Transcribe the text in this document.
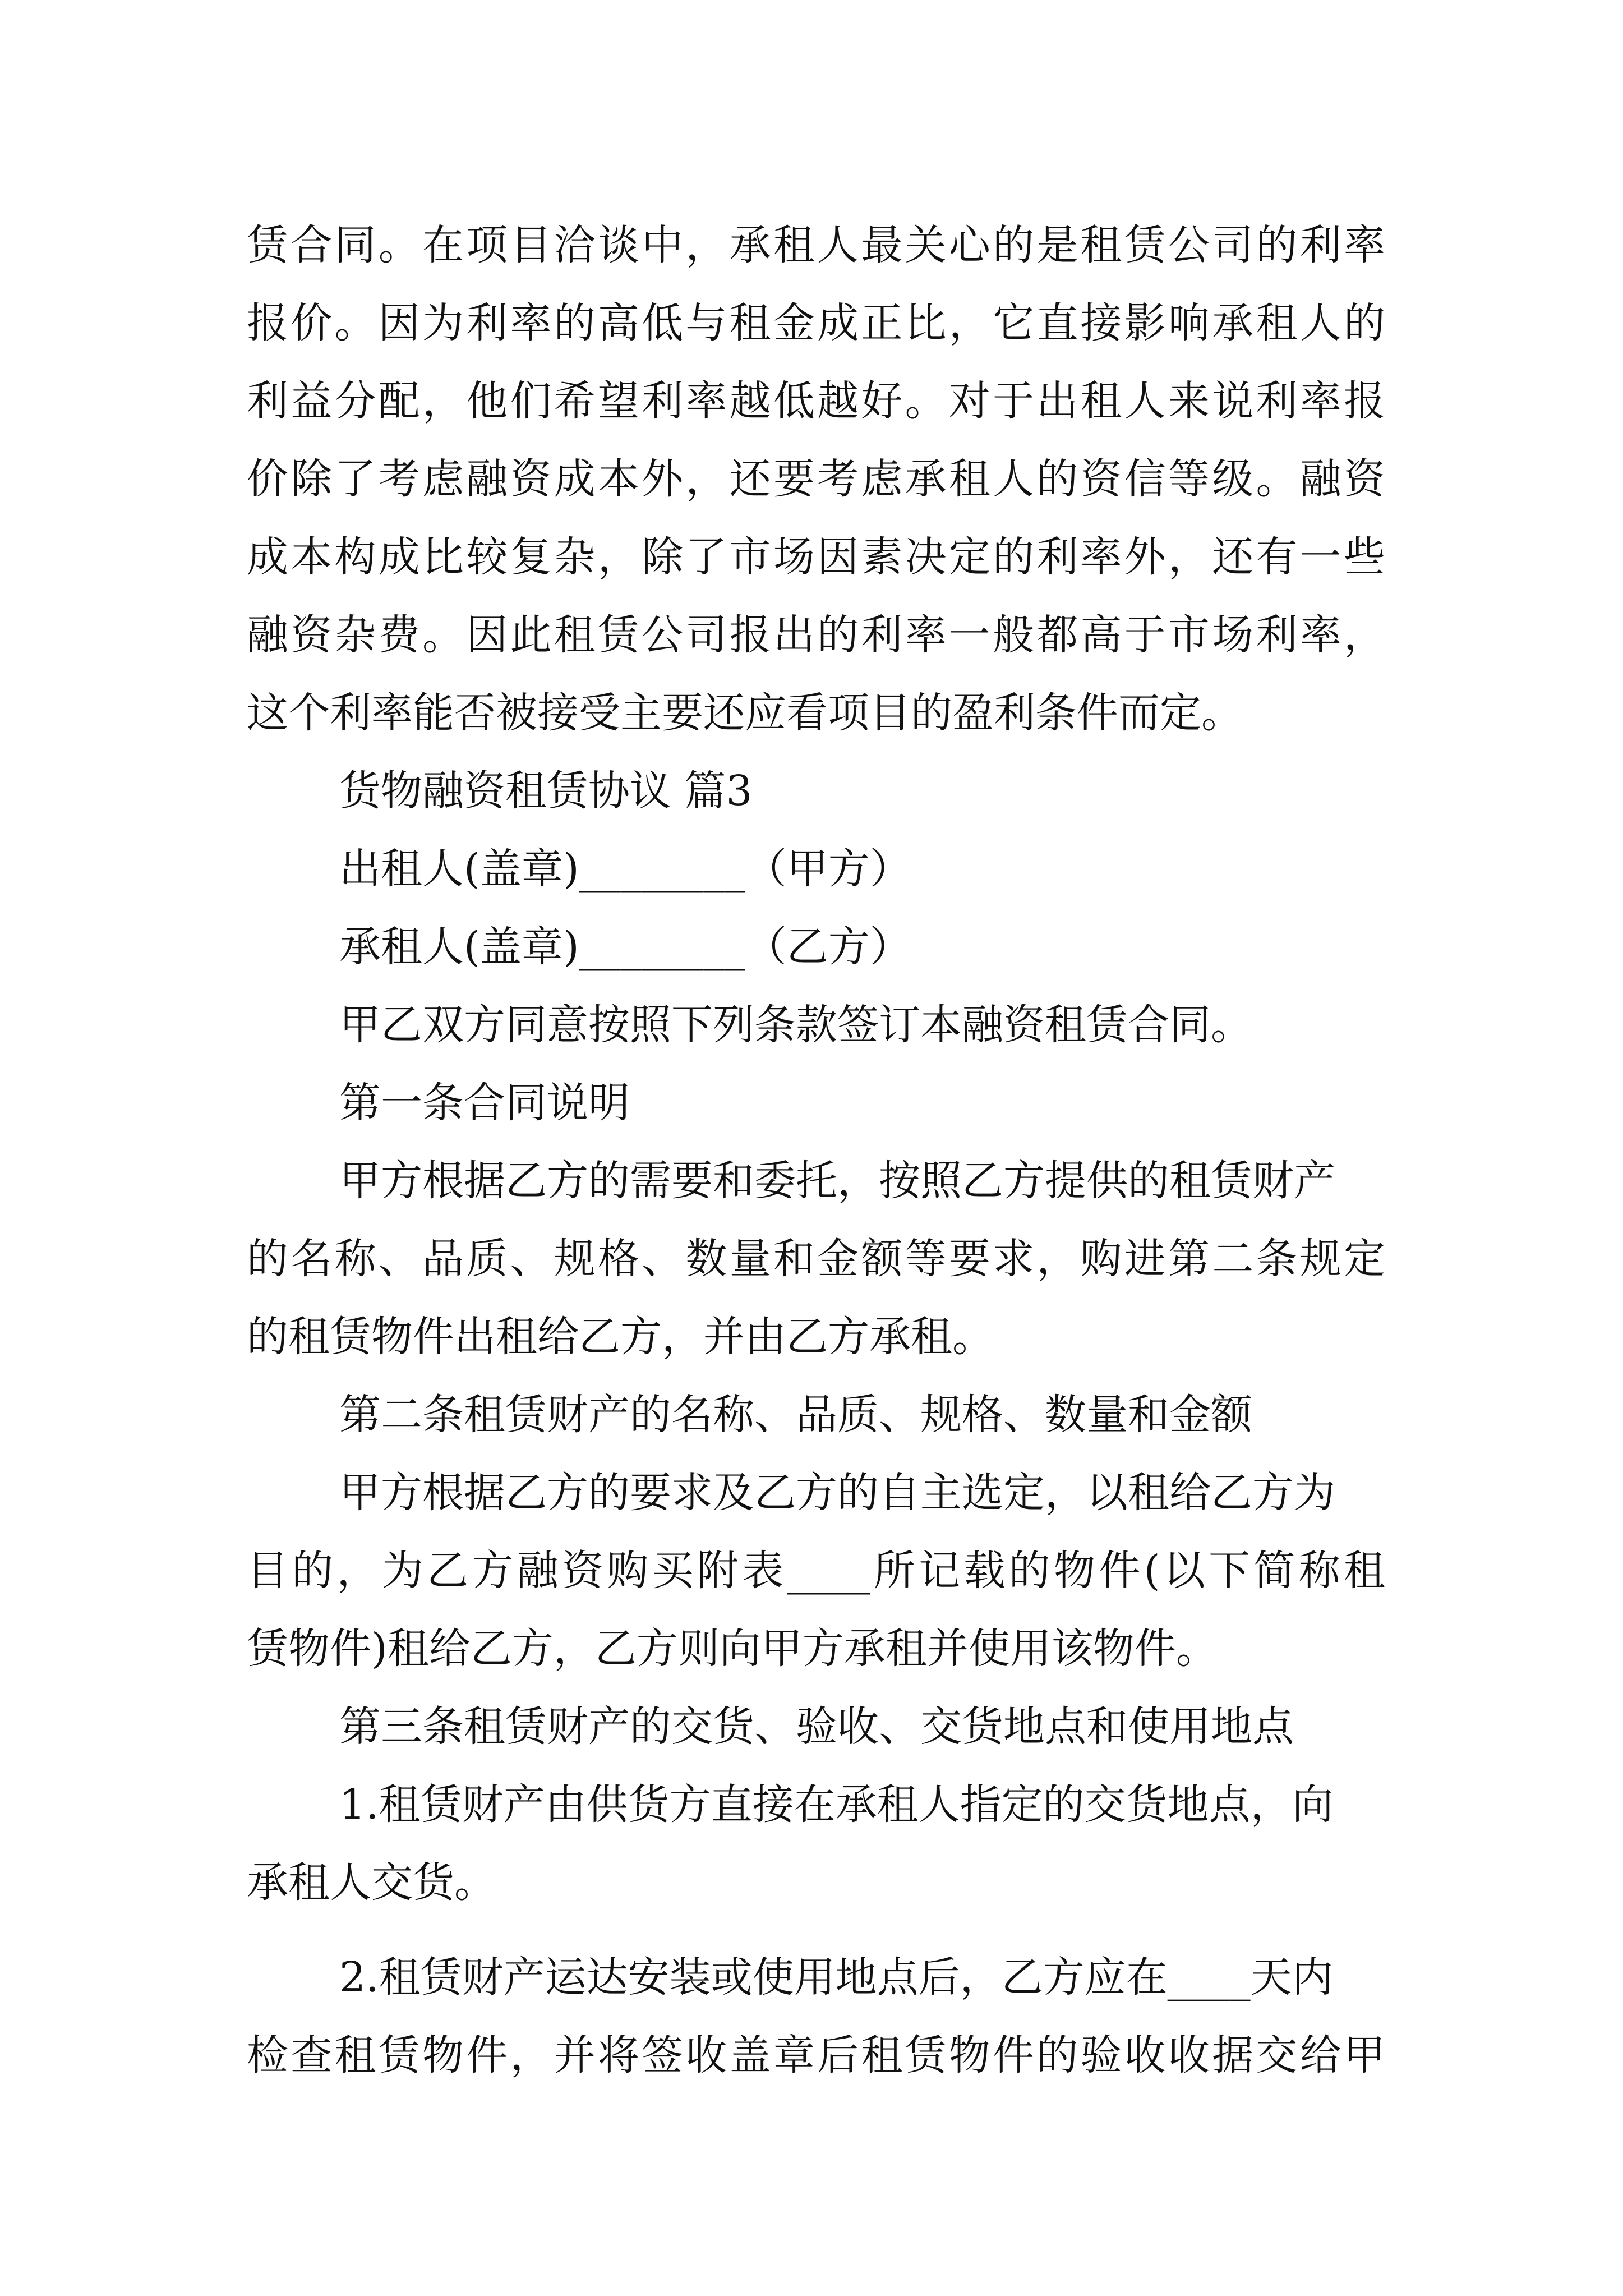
赁合同。在项目洽谈中，承租人最关心的是租赁公司的利率
报价。因为利率的高低与租金成正比，它直接影响承租人的
利益分配，他们希望利率越低越好。对于出租人来说利率报
价除了考虑融资成本外，还要考虑承租人的资信等级。融资
成本构成比较复杂，除了市场因素决定的利率外，还有一些
融资杂费。因此租赁公司报出的利率一般都高于市场利率，
这个利率能否被接受主要还应看项目的盈利条件而定。
货物融资租赁协议 篇3
出租人(盖章)________（甲方）
承租人(盖章)________（乙方）
甲乙双方同意按照下列条款签订本融资租赁合同。
第一条合同说明
甲方根据乙方的需要和委托，按照乙方提供的租赁财产
的名称、品质、规格、数量和金额等要求，购进第二条规定
的租赁物件出租给乙方，并由乙方承租。
第二条租赁财产的名称、品质、规格、数量和金额
甲方根据乙方的要求及乙方的自主选定，以租给乙方为
目的，为乙方融资购买附表____所记载的物件(以下简称租
赁物件)租给乙方，乙方则向甲方承租并使用该物件。
第三条租赁财产的交货、验收、交货地点和使用地点
1.租赁财产由供货方直接在承租人指定的交货地点，向
承租人交货。
2.租赁财产运达安装或使用地点后，乙方应在____天内
检查租赁物件，并将签收盖章后租赁物件的验收收据交给甲
